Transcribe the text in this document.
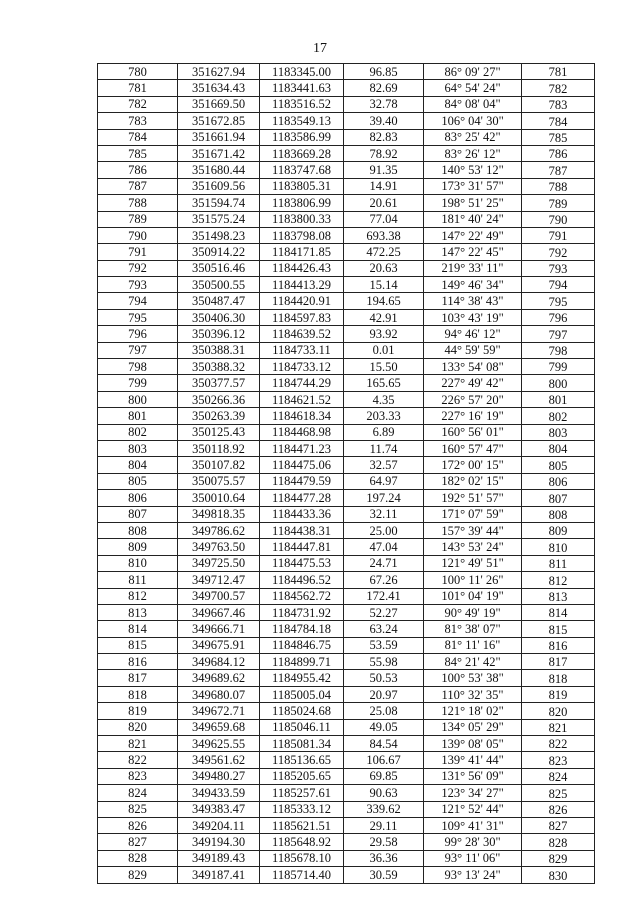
17
780	351627.94	1183345.00	96.85	86° 09' 27"	781
781	351634.43	1183441.63	82.69	64° 54' 24"	782
782	351669.50	1183516.52	32.78	84° 08' 04"	783
783	351672.85	1183549.13	39.40	106° 04' 30"	784
784	351661.94	1183586.99	82.83	83° 25' 42"	785
785	351671.42	1183669.28	78.92	83° 26' 12"	786
786	351680.44	1183747.68	91.35	140° 53' 12"	787
787	351609.56	1183805.31	14.91	173° 31' 57"	788
788	351594.74	1183806.99	20.61	198° 51' 25"	789
789	351575.24	1183800.33	77.04	181° 40' 24"	790
790	351498.23	1183798.08	693.38	147° 22' 49"	791
791	350914.22	1184171.85	472.25	147° 22' 45"	792
792	350516.46	1184426.43	20.63	219° 33' 11"	793
793	350500.55	1184413.29	15.14	149° 46' 34"	794
794	350487.47	1184420.91	194.65	114° 38' 43"	795
795	350406.30	1184597.83	42.91	103° 43' 19"	796
796	350396.12	1184639.52	93.92	94° 46' 12"	797
797	350388.31	1184733.11	0.01	44° 59' 59"	798
798	350388.32	1184733.12	15.50	133° 54' 08"	799
799	350377.57	1184744.29	165.65	227° 49' 42"	800
800	350266.36	1184621.52	4.35	226° 57' 20"	801
801	350263.39	1184618.34	203.33	227° 16' 19"	802
802	350125.43	1184468.98	6.89	160° 56' 01"	803
803	350118.92	1184471.23	11.74	160° 57' 47"	804
804	350107.82	1184475.06	32.57	172° 00' 15"	805
805	350075.57	1184479.59	64.97	182° 02' 15"	806
806	350010.64	1184477.28	197.24	192° 51' 57"	807
807	349818.35	1184433.36	32.11	171° 07' 59"	808
808	349786.62	1184438.31	25.00	157° 39' 44"	809
809	349763.50	1184447.81	47.04	143° 53' 24"	810
810	349725.50	1184475.53	24.71	121° 49' 51"	811
811	349712.47	1184496.52	67.26	100° 11' 26"	812
812	349700.57	1184562.72	172.41	101° 04' 19"	813
813	349667.46	1184731.92	52.27	90° 49' 19"	814
814	349666.71	1184784.18	63.24	81° 38' 07"	815
815	349675.91	1184846.75	53.59	81° 11' 16"	816
816	349684.12	1184899.71	55.98	84° 21' 42"	817
817	349689.62	1184955.42	50.53	100° 53' 38"	818
818	349680.07	1185005.04	20.97	110° 32' 35"	819
819	349672.71	1185024.68	25.08	121° 18' 02"	820
820	349659.68	1185046.11	49.05	134° 05' 29"	821
821	349625.55	1185081.34	84.54	139° 08' 05"	822
822	349561.62	1185136.65	106.67	139° 41' 44"	823
823	349480.27	1185205.65	69.85	131° 56' 09"	824
824	349433.59	1185257.61	90.63	123° 34' 27"	825
825	349383.47	1185333.12	339.62	121° 52' 44"	826
826	349204.11	1185621.51	29.11	109° 41' 31"	827
827	349194.30	1185648.92	29.58	99° 28' 30"	828
828	349189.43	1185678.10	36.36	93° 11' 06"	829
829	349187.41	1185714.40	30.59	93° 13' 24"	830
